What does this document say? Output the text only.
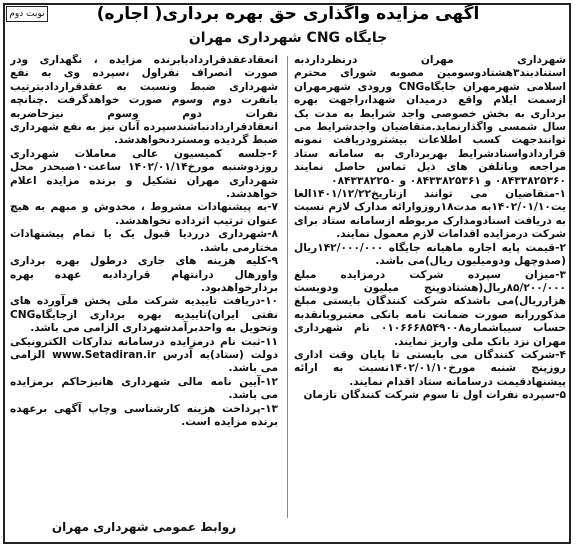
نوبت دوم	آگهی مزایده واگذاری حق بهره برداری( اجاره)
جایگاه CNG شهرداری مهران

شهرداری مهران درنظرداردبه استنادبند۳هشتادوسومین مصوبه شورای محترم اسلامی شهرمهران جایگاهCNG ورودی شهرمهران ازسمت ایلام واقع درمیدان شهدا،راجهت بهره برداری به بخش خصوصی واجد شرایط به مدت یک سال شمسی واگذارنماید.متقاضیان واجدشرایط می توانندجهت کسب اطلاعات بیشترودریافت نمونه قراردادواسنادشرایط بهربرداری به سامانه ستاد مراجعه وباتلفن های ذیل تماس حاصل نمایند ۰۸۴۳۳۸۲۵۳۶۰ و ۰۸۴۳۳۸۲۵۳۶۱ و ۰۸۴۳۳۸۲۲۵۰

۱-متقاضیان می توانند ازتاریخ۱۴۰۱/۱۲/۲۲الغا یت۱۴۰۲/۰۱/۱۰به مدت۱۸روزوارائه مدارک لازم نسبت به دریافت اسنادومدارک مربوطه ازسامانه ستاد برای شرکت درمزایده اقدامات لازم معمول نمایند.

۲-قیمت پایه اجاره ماهیانه جایگاه ۱۴۲/۰۰۰/۰۰۰ریال (صدوچهل ودومیلیون ریال)می باشد.

۳-میزان سپرده شرکت درمزایده مبلغ ۸۵/۲۰۰/۰۰۰ریال(هشتادوپنج میلیون ودویست هزارریال)می باشدکه شرکت کنندگان بایستی مبلغ مذکوررابه صورت ضمانت نامه بانکی معتبروبانقدبه حساب سیباشماره۰۱۰۶۶۶۸۵۴۹۰۰۸ نام شهرداری مهران نزد بانک ملی واریز نمایند.

۴-شرکت کنندگان می بایستی تا پایان وقت اداری روزپنج شنبه مورخ۱۴۰۲/۰۱/۱۰نسبت به ارائه پیشنهادقیمت درسامانه ستاد اقدام نمایند.

۵-سپرده نفرات اول تا سوم شرکت کنندگان تازمان

انعقادعقدقراردادبابرنده مزایده ، نگهداری ودر صورت انصراف نفراول ،سپرده وی به نفع شهرداری ضبط ونسبت به عقدقراردادبترتیب بانفرت دوم وسوم صورت خواهدگرفت .چنانچه نفرات دوم وسوم نیزحاضربه انعقادقراردادنباشندسپرده آنان نیز به نفع شهرداری ضبط گردیده ومستردنخواهدشد.

۶-جلسه کمیسیون عالی معاملات شهرداری روزدوشنبه مورخ۱۴۰۲/۰۱/۱۴ ساعت۱۰صبحدر محل شهرداری مهران تشکیل و برنده مزایده اعلام خواهدشد.

۷-به پیشنهادات مشروط ، مخدوش و مبهم به هیچ عنوان ترتیب اثرداده نخواهدشد.

۸-شهرداری درردیا قبول یک یا تمام پیشنهادات مختارمی باشد.

۹-کلیه هزینه های جاری درطول بهره برداری واورهال درانتهام قراردادبه عهده بهره بردارخواهدبود.

۱۰-دریافت تاییدیه شرکت ملی پخش فرآورده های نفتی ایران)تاییدیه بهره برداری ازجایگاهCNG وتحویل به واحدبرآمدشهرداری الزامی می باشد.

۱۱-ثبت نام درمزایده درسامانه تدارکات الکترونیکی دولت (ستاد)به آدرس www.Setadiran.ir الزامی می باشد.

۱۲-آیین نامه مالی شهرداری هانیزحاکم برمزایده می باشد.

۱۳-پرداخت هزینه کارشناسی وچاپ آگهی برعهده برنده مزایده است.

روابط عمومی شهرداری مهران
